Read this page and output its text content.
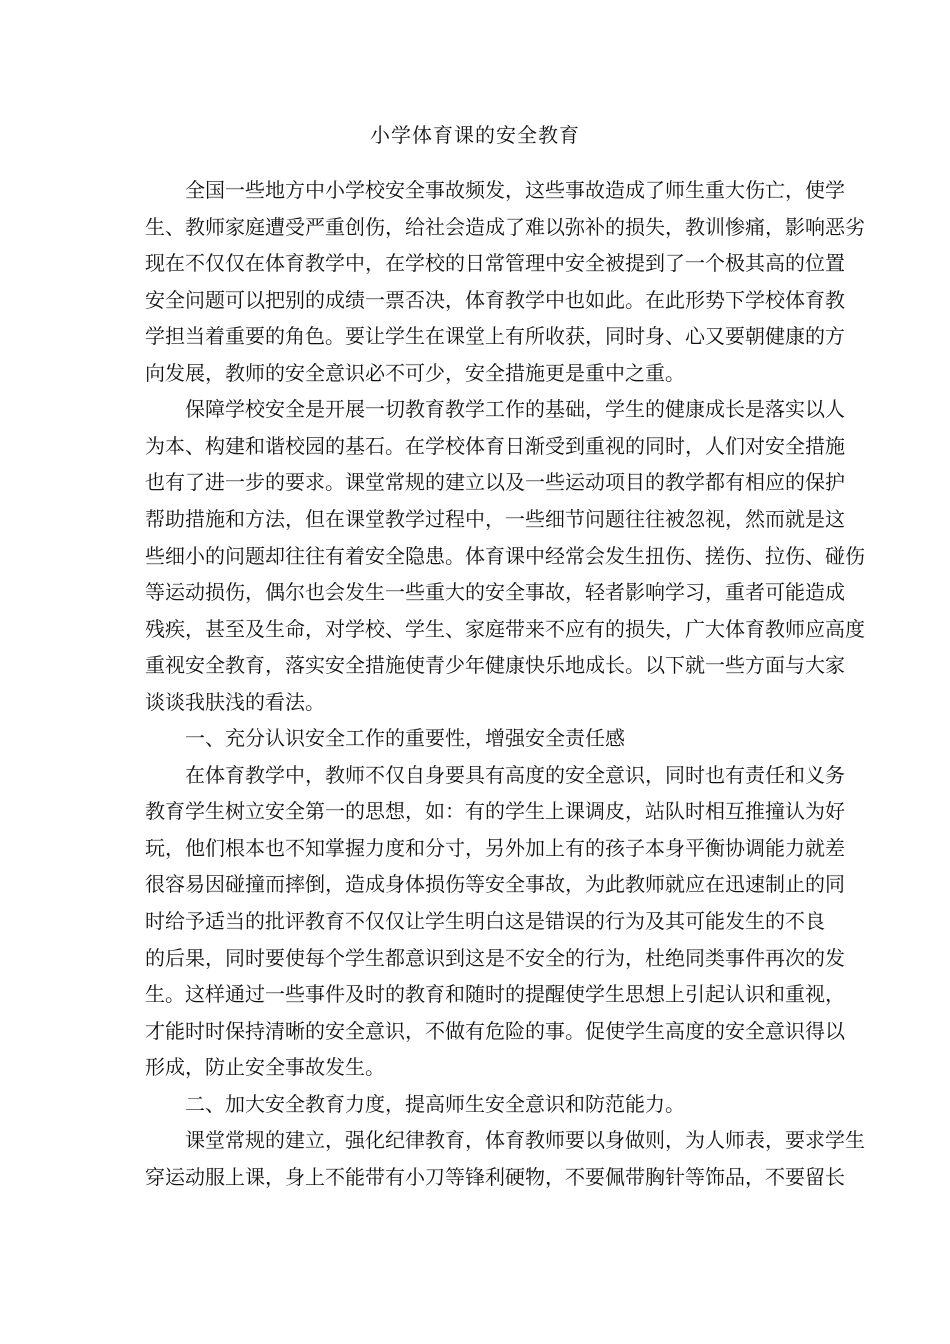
小学体育课的安全教育
全国一些地方中小学校安全事故频发，这些事故造成了师生重大伤亡，使学
生、教师家庭遭受严重创伤，给社会造成了难以弥补的损失，教训惨痛，影响恶劣
现在不仅仅在体育教学中，在学校的日常管理中安全被提到了一个极其高的位置
安全问题可以把别的成绩一票否决，体育教学中也如此。在此形势下学校体育教
学担当着重要的角色。要让学生在课堂上有所收获，同时身、心又要朝健康的方
向发展，教师的安全意识必不可少，安全措施更是重中之重。
保障学校安全是开展一切教育教学工作的基础，学生的健康成长是落实以人
为本、构建和谐校园的基石。在学校体育日渐受到重视的同时，人们对安全措施
也有了进一步的要求。课堂常规的建立以及一些运动项目的教学都有相应的保护
帮助措施和方法，但在课堂教学过程中，一些细节问题往往被忽视，然而就是这
些细小的问题却往往有着安全隐患。体育课中经常会发生扭伤、搓伤、拉伤、碰伤
等运动损伤，偶尔也会发生一些重大的安全事故，轻者影响学习，重者可能造成
残疾，甚至及生命，对学校、学生、家庭带来不应有的损失，广大体育教师应高度
重视安全教育，落实安全措施使青少年健康快乐地成长。以下就一些方面与大家
谈谈我肤浅的看法。
一、充分认识安全工作的重要性，增强安全责任感
在体育教学中，教师不仅自身要具有高度的安全意识，同时也有责任和义务
教育学生树立安全第一的思想，如：有的学生上课调皮，站队时相互推撞认为好
玩，他们根本也不知掌握力度和分寸，另外加上有的孩子本身平衡协调能力就差
很容易因碰撞而摔倒，造成身体损伤等安全事故，为此教师就应在迅速制止的同
时给予适当的批评教育不仅仅让学生明白这是错误的行为及其可能发生的不良
的后果，同时要使每个学生都意识到这是不安全的行为，杜绝同类事件再次的发
生。这样通过一些事件及时的教育和随时的提醒使学生思想上引起认识和重视，
才能时时保持清晰的安全意识，不做有危险的事。促使学生高度的安全意识得以
形成，防止安全事故发生。
二、加大安全教育力度，提高师生安全意识和防范能力。
课堂常规的建立，强化纪律教育，体育教师要以身做则，为人师表，要求学生
穿运动服上课，身上不能带有小刀等锋利硬物，不要佩带胸针等饰品，不要留长
